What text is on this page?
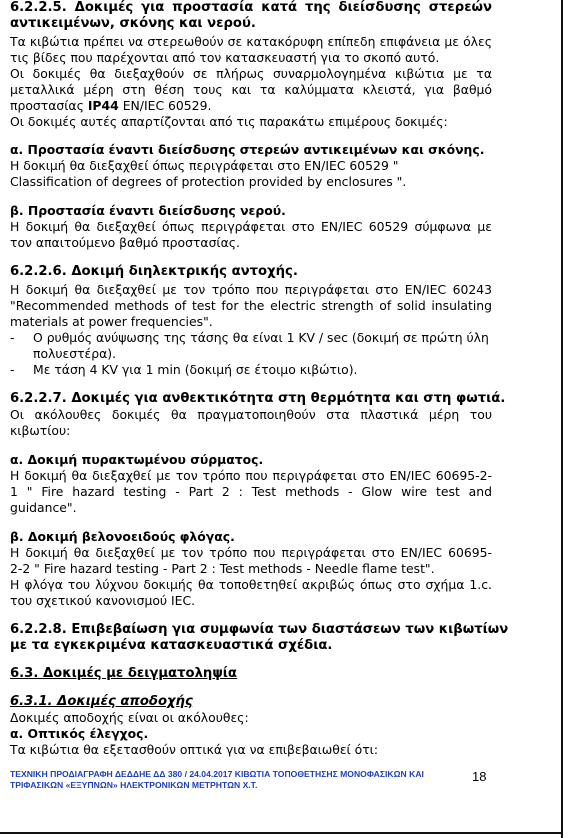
6.2.2.5. Δοκιμές για προστασία κατά της διείσδυσης στερεών
αντικειμένων, σκόνης και νερού.
Τα κιβώτια πρέπει να στερεωθούν σε κατακόρυφη επίπεδη επιφάνεια με όλες
τις βίδες που παρέχονται από τον κατασκευαστή για το σκοπό αυτό.
Οι δοκιμές θα διεξαχθούν σε πλήρως συναρμολογημένα κιβώτια με τα
μεταλλικά μέρη στη θέση τους και τα καλύμματα κλειστά, για βαθμό
προστασίας IP44 EN/IEC 60529.
Οι δοκιμές αυτές απαρτίζονται από τις παρακάτω επιμέρους δοκιμές:
α. Προστασία έναντι διείσδυσης στερεών αντικειμένων και σκόνης.
Η δοκιμή θα διεξαχθεί όπως περιγράφεται στο EN/IEC 60529 "
Classification of degrees of protection provided by enclosures ".
β. Προστασία έναντι διείσδυσης νερού.
Η δοκιμή θα διεξαχθεί όπως περιγράφεται στο EN/IEC 60529 σύμφωνα με
τον απαιτούμενο βαθμό προστασίας.
6.2.2.6. Δοκιμή διηλεκτρικής αντοχής.
Η δοκιμή θα διεξαχθεί με τον τρόπο που περιγράφεται στο EN/IEC 60243
"Recommended methods of test for the electric strength of solid insulating
materials at power frequencies".
-	Ο ρυθμός ανύψωσης της τάσης θα είναι 1 KV / sec (δοκιμή σε πρώτη ύλη
πολυεστέρα).
-	Με τάση 4 KV για 1 min (δοκιμή σε έτοιμο κιβώτιο).
6.2.2.7. Δοκιμές για ανθεκτικότητα στη θερμότητα και στη φωτιά.
Οι ακόλουθες δοκιμές θα πραγματοποιηθούν στα πλαστικά μέρη του
κιβωτίου:
α. Δοκιμή πυρακτωμένου σύρματος.
Η δοκιμή θα διεξαχθεί με τον τρόπο που περιγράφεται στο EN/IEC 60695-2-
1 " Fire hazard testing - Part 2 : Test methods - Glow wire test and
guidance".
β. Δοκιμή βελονοειδούς φλόγας.
Η δοκιμή θα διεξαχθεί με τον τρόπο που περιγράφεται στο EN/IEC 60695-
2-2 " Fire hazard testing - Part 2 : Test methods - Needle flame test".
Η φλόγα του λύχνου δοκιμής θα τοποθετηθεί ακριβώς όπως στο σχήμα 1.c.
του σχετικού κανονισμού IEC.
6.2.2.8. Επιβεβαίωση για συμφωνία των διαστάσεων των κιβωτίων
με τα εγκεκριμένα κατασκευαστικά σχέδια.
6.3. Δοκιμές με δειγματοληψία
6.3.1. Δοκιμές αποδοχής
Δοκιμές αποδοχής είναι οι ακόλουθες:
α. Οπτικός έλεγχος.
Τα κιβώτια θα εξετασθούν οπτικά για να επιβεβαιωθεί ότι:
ΤΕΧΝΙΚΗ ΠΡΟΔΙΑΓΡΑΦΗ ΔΕΔΔΗΕ ΔΔ 380 / 24.04.2017 ΚΙΒΩΤΙΑ ΤΟΠΟΘΕΤΗΣΗΣ ΜΟΝΟΦΑΣΙΚΩΝ ΚΑΙ
ΤΡΙΦΑΣΙΚΩΝ «ΕΞΥΠΝΩΝ» ΗΛΕΚΤΡΟΝΙΚΩΝ ΜΕΤΡΗΤΩΝ Χ.Τ.
18
